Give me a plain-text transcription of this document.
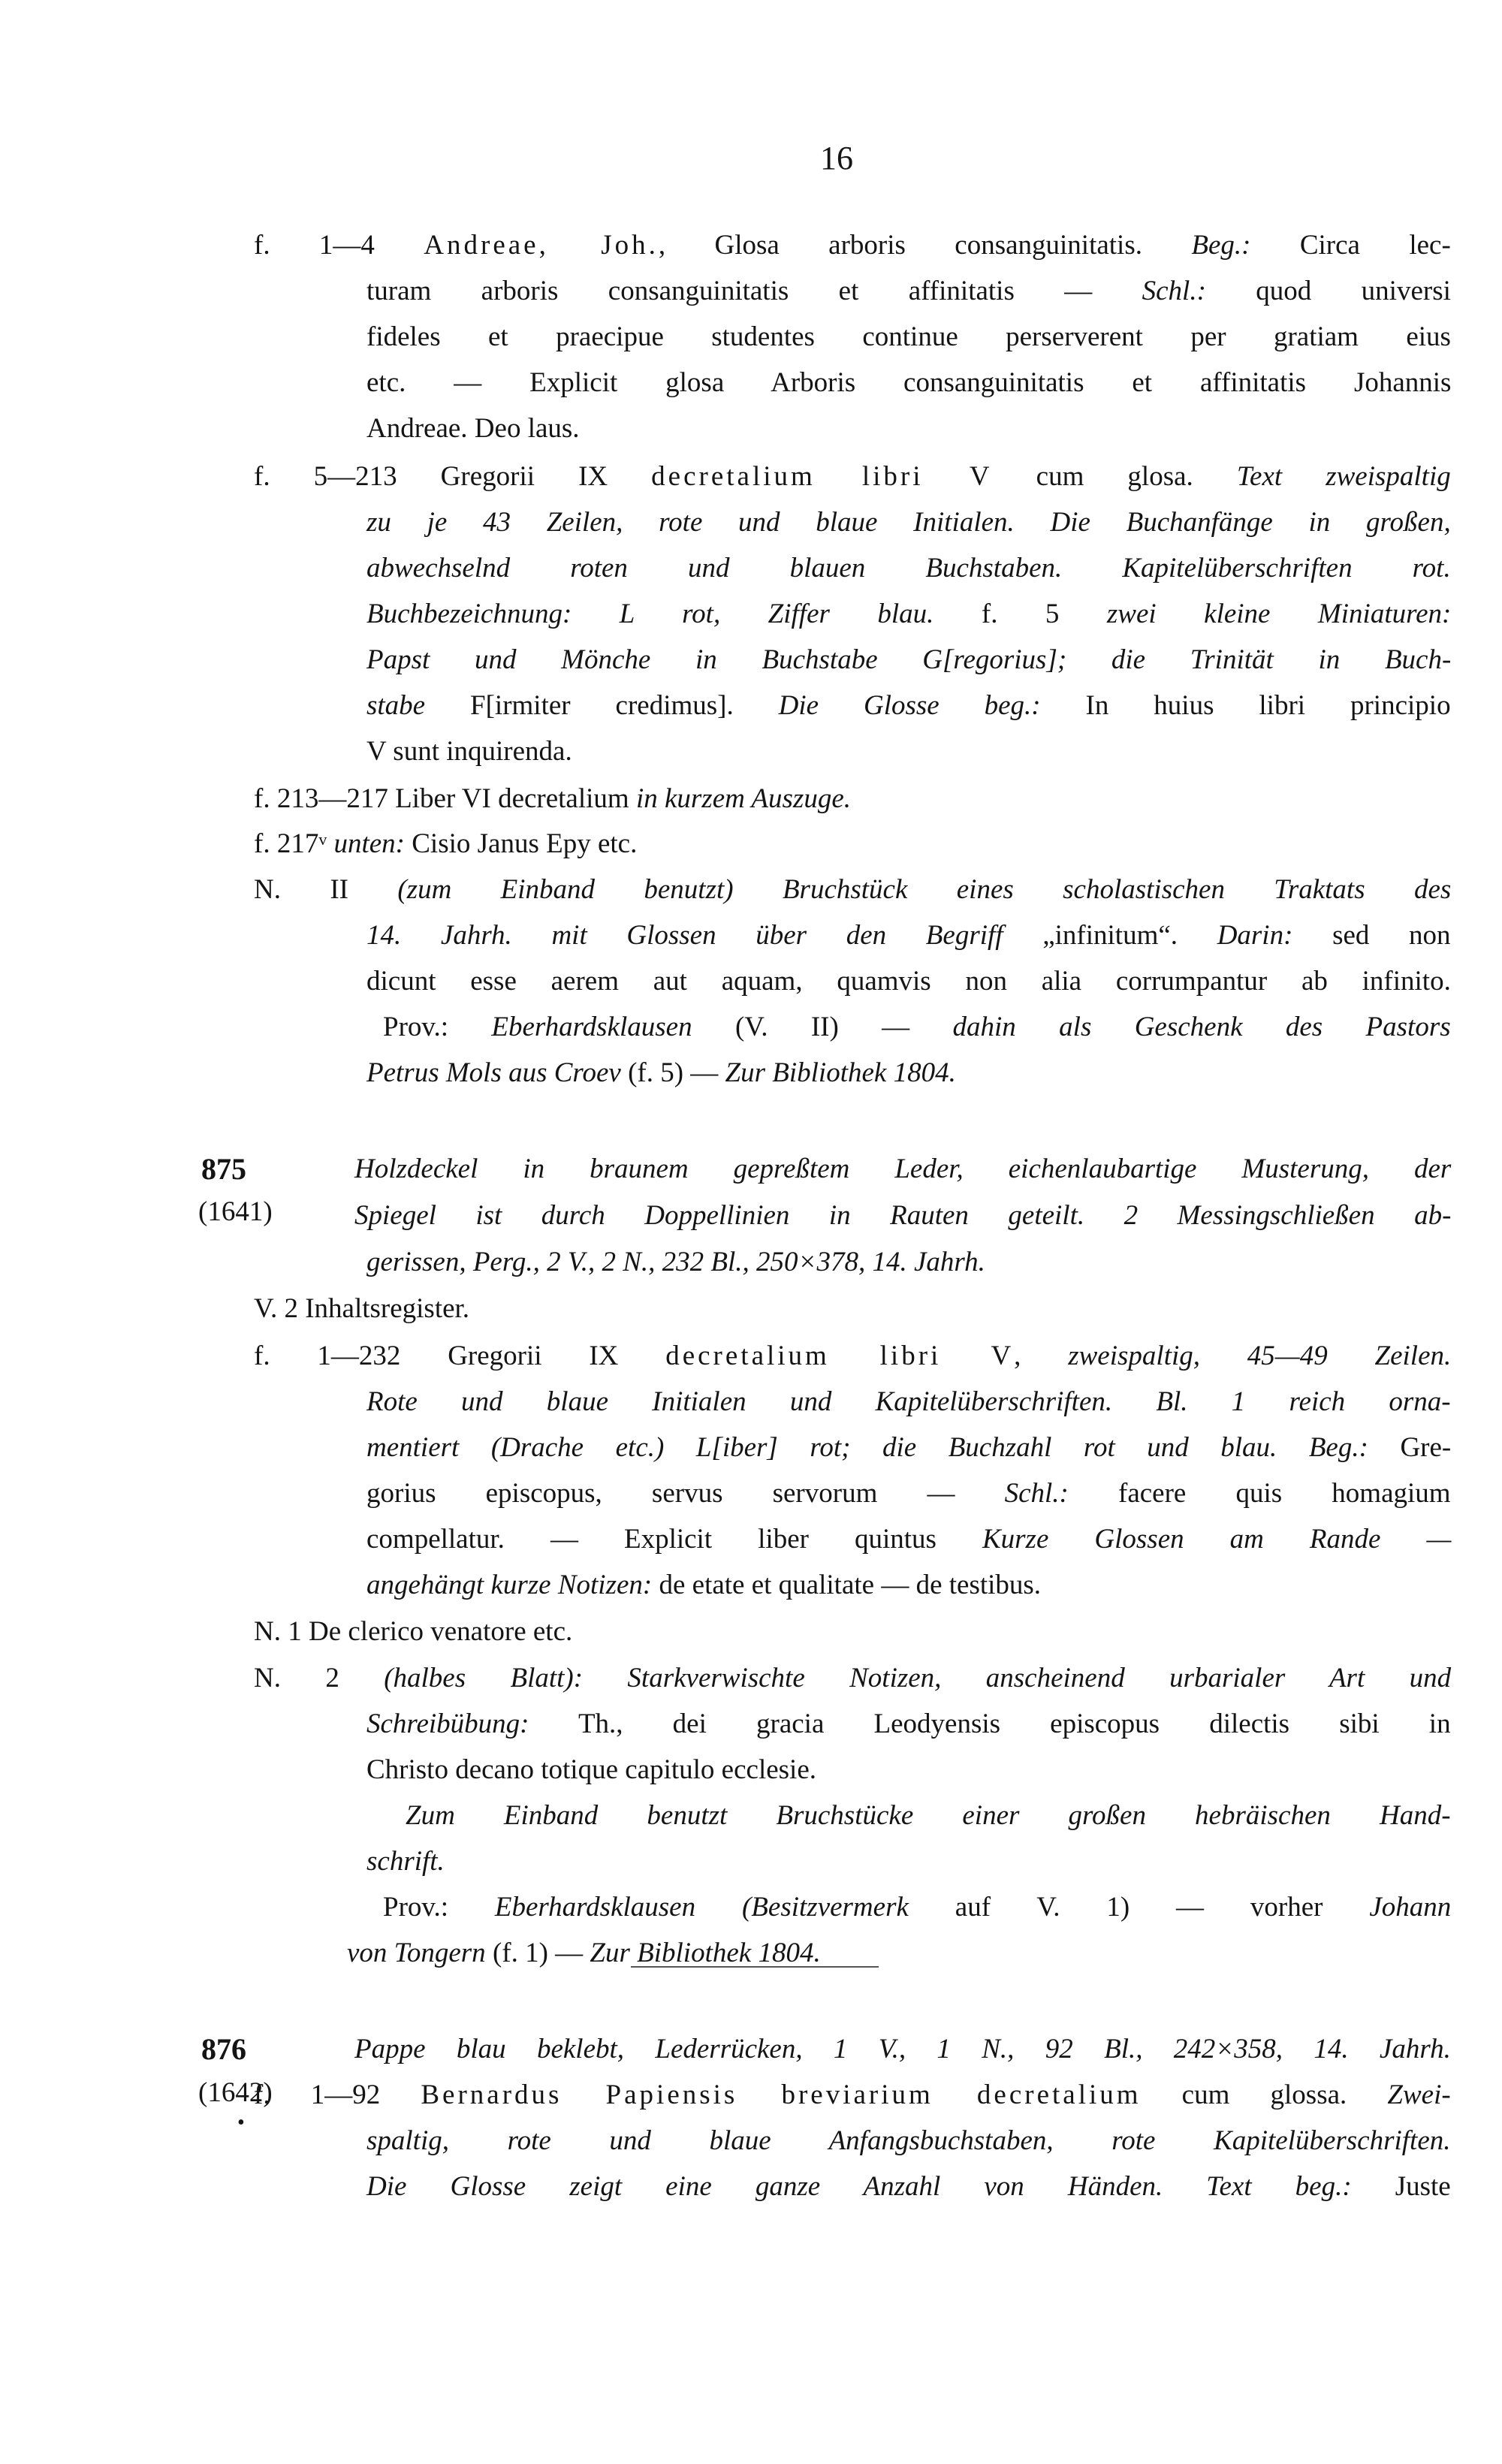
16
f. 1—4 Andreae, Joh., Glosa arboris consanguinitatis. Beg.: Circa lec-
turam arboris consanguinitatis et affinitatis — Schl.: quod universi
fideles et praecipue studentes continue perserverent per gratiam eius
etc. — Explicit glosa Arboris consanguinitatis et affinitatis Johannis
Andreae. Deo laus.
f. 5—213 Gregorii IX decretalium libri V cum glosa. Text zweispaltig
zu je 43 Zeilen, rote und blaue Initialen. Die Buchanfänge in großen,
abwechselnd roten und blauen Buchstaben. Kapitelüberschriften rot.
Buchbezeichnung: L rot, Ziffer blau. f. 5 zwei kleine Miniaturen:
Papst und Mönche in Buchstabe G[regorius]; die Trinität in Buch-
stabe F[irmiter credimus]. Die Glosse beg.: In huius libri principio
V sunt inquirenda.
f. 213—217 Liber VI decretalium in kurzem Auszuge.
f. 217ᵛ unten: Cisio Janus Epy etc.
N. II (zum Einband benutzt) Bruchstück eines scholastischen Traktats des
14. Jahrh. mit Glossen über den Begriff „infinitum“. Darin: sed non
dicunt esse aerem aut aquam, quamvis non alia corrumpantur ab infinito.
Prov.: Eberhardsklausen (V. II) — dahin als Geschenk des Pastors
Petrus Mols aus Croev (f. 5) — Zur Bibliothek 1804.
875
(1641)
Holzdeckel in braunem gepreßtem Leder, eichenlaubartige Musterung, der
Spiegel ist durch Doppellinien in Rauten geteilt. 2 Messingschließen ab-
gerissen, Perg., 2 V., 2 N., 232 Bl., 250×378, 14. Jahrh.
V. 2 Inhaltsregister.
f. 1—232 Gregorii IX decretalium libri V, zweispaltig, 45—49 Zeilen.
Rote und blaue Initialen und Kapitelüberschriften. Bl. 1 reich orna-
mentiert (Drache etc.) L[iber] rot; die Buchzahl rot und blau. Beg.: Gre-
gorius episcopus, servus servorum — Schl.: facere quis homagium
compellatur. — Explicit liber quintus Kurze Glossen am Rande —
angehängt kurze Notizen: de etate et qualitate — de testibus.
N. 1 De clerico venatore etc.
N. 2 (halbes Blatt): Starkverwischte Notizen, anscheinend urbarialer Art und
Schreibübung: Th., dei gracia Leodyensis episcopus dilectis sibi in
Christo decano totique capitulo ecclesie.
Zum Einband benutzt Bruchstücke einer großen hebräischen Hand-
schrift.
Prov.: Eberhardsklausen (Besitzvermerk auf V. 1) — vorher Johann
von Tongern (f. 1) — Zur Bibliothek 1804.
876
(1642)
•
Pappe blau beklebt, Lederrücken, 1 V., 1 N., 92 Bl., 242×358, 14. Jahrh.
f. 1—92 Bernardus Papiensis breviarium decretalium cum glossa. Zwei-
spaltig, rote und blaue Anfangsbuchstaben, rote Kapitelüberschriften.
Die Glosse zeigt eine ganze Anzahl von Händen. Text beg.: Juste
